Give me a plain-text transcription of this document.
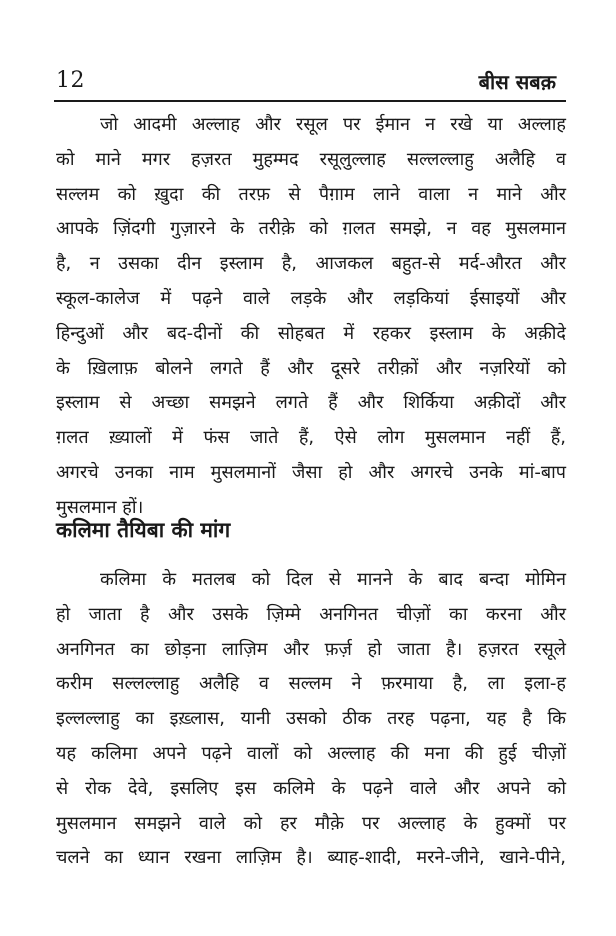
12	बीस सबक़
जो आदमी अल्लाह और रसूल पर ईमान न रखे या अल्लाह
को माने मगर हज़रत मुहम्मद रसूलुल्लाह सल्लल्लाहु अलैहि व
सल्लम को ख़ुदा की तरफ़ से पैग़ाम लाने वाला न माने और
आपके ज़िंदगी गुज़ारने के तरीक़े को ग़लत समझे, न वह मुसलमान
है, न उसका दीन इस्लाम है, आजकल बहुत-से मर्द-औरत और
स्कूल-कालेज में पढ़ने वाले लड़के और लड़कियां ईसाइयों और
हिन्दुओं और बद-दीनों की सोहबत में रहकर इस्लाम के अक़ीदे
के ख़िलाफ़ बोलने लगते हैं और दूसरे तरीक़ों और नज़रियों को
इस्लाम से अच्छा समझने लगते हैं और शिर्किया अक़ीदों और
ग़लत ख़्यालों में फंस जाते हैं, ऐसे लोग मुसलमान नहीं हैं,
अगरचे उनका नाम मुसलमानों जैसा हो और अगरचे उनके मां-बाप
मुसलमान हों।
कलिमा तैयिबा की मांग
कलिमा के मतलब को दिल से मानने के बाद बन्दा मोमिन
हो जाता है और उसके ज़िम्मे अनगिनत चीज़ों का करना और
अनगिनत का छोड़ना लाज़िम और फ़र्ज़ हो जाता है। हज़रत रसूले
करीम सल्लल्लाहु अलैहि व सल्लम ने फ़रमाया है, ला इला-ह
इल्लल्लाहु का इख़्लास, यानी उसको ठीक तरह पढ़ना, यह है कि
यह कलिमा अपने पढ़ने वालों को अल्लाह की मना की हुई चीज़ों
से रोक देवे, इसलिए इस कलिमे के पढ़ने वाले और अपने को
मुसलमान समझने वाले को हर मौक़े पर अल्लाह के हुक्मों पर
चलने का ध्यान रखना लाज़िम है। ब्याह-शादी, मरने-जीने, खाने-पीने,
